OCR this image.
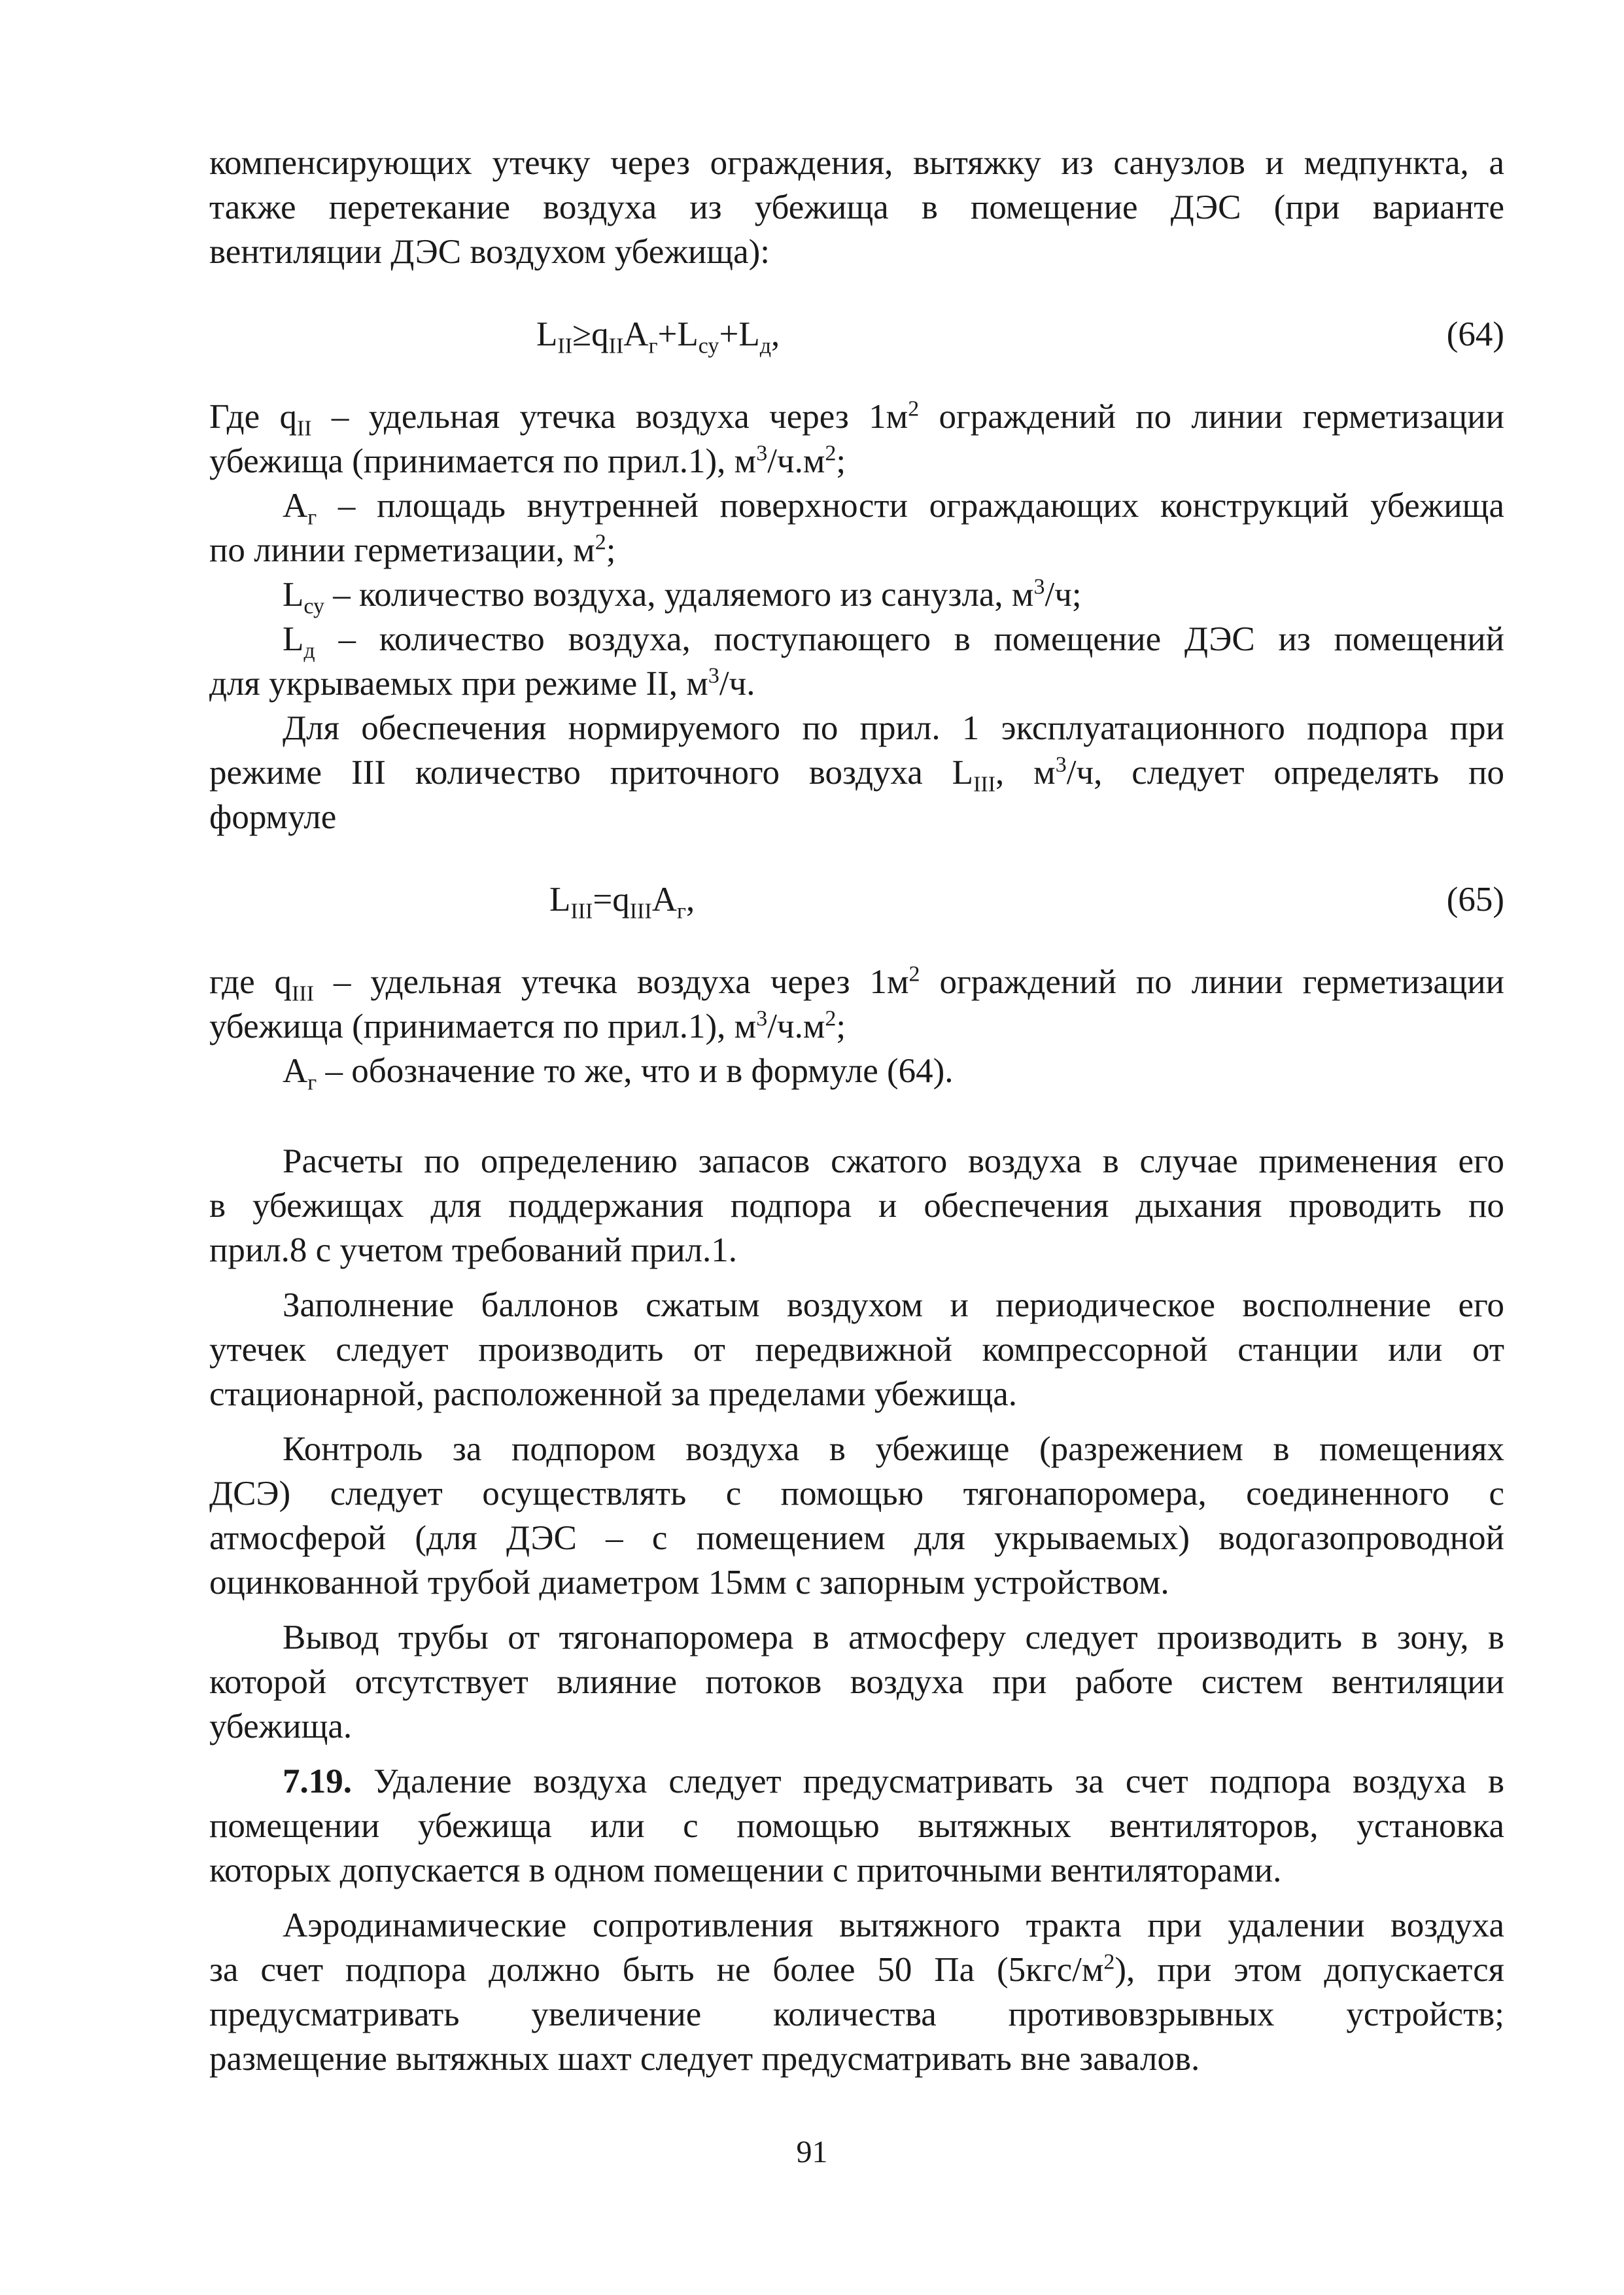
компенсирующих утечку через ограждения, вытяжку из санузлов и медпункта, а
также перетекание воздуха из убежища в помещение ДЭС (при варианте
вентиляции ДЭС воздухом убежища):
$L_{II}\ge q_{II}A_г+L_{су}+L_д$,	(64)
Где $q_{II}$ – удельная утечка воздуха через $1м^2$ ограждений по линии герметизации
убежища (принимается по прил.1), $м^3/ч.м^2$;
$A_г$ – площадь внутренней поверхности ограждающих конструкций убежища
по линии герметизации, $м^2$;
$L_{су}$ – количество воздуха, удаляемого из санузла, $м^3/ч$;
$L_д$ – количество воздуха, поступающего в помещение ДЭС из помещений
для укрываемых при режиме II, $м^3/ч$.
Для обеспечения нормируемого по прил. 1 эксплуатационного подпора при
режиме III количество приточного воздуха $L_{III}$, $м^3/ч$, следует определять по
формуле
$L_{III}=q_{III}A_г$,	(65)
где $q_{III}$ – удельная утечка воздуха через $1м^2$ ограждений по линии герметизации
убежища (принимается по прил.1), $м^3/ч.м^2$;
$A_г$ – обозначение то же, что и в формуле (64).
Расчеты по определению запасов сжатого воздуха в случае применения его
в убежищах для поддержания подпора и обеспечения дыхания проводить по
прил.8 с учетом требований прил.1.
Заполнение баллонов сжатым воздухом и периодическое восполнение его
утечек следует производить от передвижной компрессорной станции или от
стационарной, расположенной за пределами убежища.
Контроль за подпором воздуха в убежище (разрежением в помещениях
ДСЭ) следует осуществлять с помощью тягонапоромера, соединенного с
атмосферой (для ДЭС – с помещением для укрываемых) водогазопроводной
оцинкованной трубой диаметром 15мм с запорным устройством.
Вывод трубы от тягонапоромера в атмосферу следует производить в зону, в
которой отсутствует влияние потоков воздуха при работе систем вентиляции
убежища.
7.19. Удаление воздуха следует предусматривать за счет подпора воздуха в
помещении убежища или с помощью вытяжных вентиляторов, установка
которых допускается в одном помещении с приточными вентиляторами.
Аэродинамические сопротивления вытяжного тракта при удалении воздуха
за счет подпора должно быть не более 50 Па $(5кгс/м^2)$, при этом допускается
предусматривать увеличение количества противовзрывных устройств;
размещение вытяжных шахт следует предусматривать вне завалов.
91
